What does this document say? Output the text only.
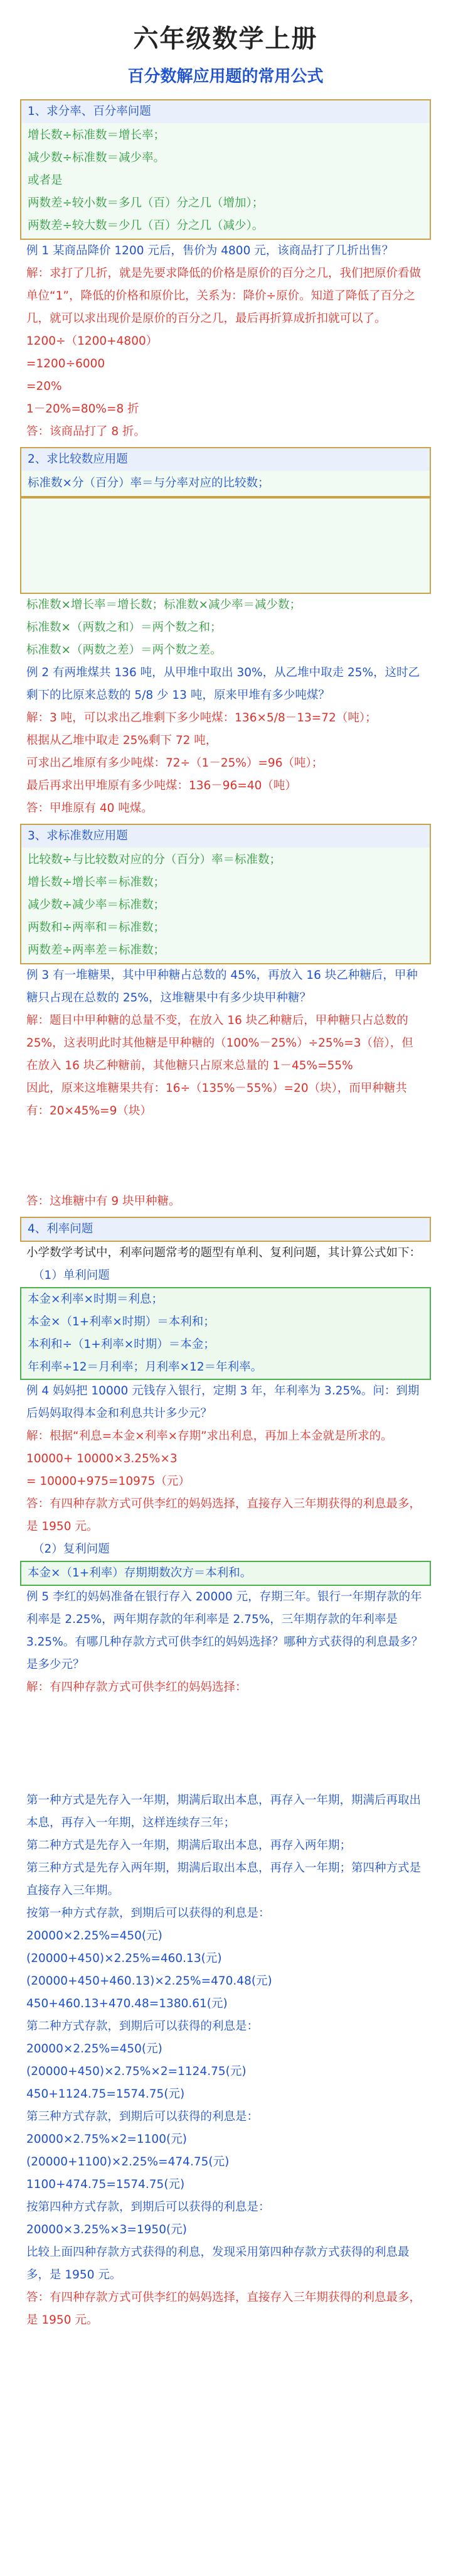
六年级数学上册
百分数解应用题的常用公式
1、求分率、百分率问题
增长数÷标准数＝增长率；
减少数÷标准数＝减少率。
或者是
两数差÷较小数＝多几（百）分之几（增加）；
两数差÷较大数＝少几（百）分之几（减少）。
例 1 某商品降价 1200 元后，售价为 4800 元，该商品打了几折出售？
解：求打了几折，就是先要求降低的价格是原价的百分之几，我们把原价看做单位“1”，降低的价格和原价比，关系为：降价÷原价。知道了降低了百分之几，就可以求出现价是原价的百分之几，最后再折算成折扣就可以了。
1200÷（1200+4800）
=1200÷6000
=20%
1－20%=80%=8 折
答：该商品打了 8 折。
2、求比较数应用题
标准数×分（百分）率＝与分率对应的比较数；
标准数×增长率＝增长数；标准数×减少率＝减少数；
标准数×（两数之和）＝两个数之和；
标准数×（两数之差）＝两个数之差。
例 2 有两堆煤共 136 吨，从甲堆中取出 30%，从乙堆中取走 25%，这时乙剩下的比原来总数的 5/8 少 13 吨，原来甲堆有多少吨煤？
解：3 吨，可以求出乙堆剩下多少吨煤：136×5/8－13=72（吨）；
根据从乙堆中取走 25%剩下 72 吨，
可求出乙堆原有多少吨煤：72÷（1－25%）=96（吨）；
最后再求出甲堆原有多少吨煤：136－96=40（吨）
答：甲堆原有 40 吨煤。
3、求标准数应用题
比较数÷与比较数对应的分（百分）率＝标准数；
增长数÷增长率＝标准数；
减少数÷减少率＝标准数；
两数和÷两率和＝标准数；
两数差÷两率差＝标准数；
例 3 有一堆糖果，其中甲种糖占总数的 45%，再放入 16 块乙种糖后，甲种糖只占现在总数的 25%，这堆糖果中有多少块甲种糖？
解：题目中甲种糖的总量不变，在放入 16 块乙种糖后，甲种糖只占总数的 25%，这表明此时其他糖是甲种糖的（100%－25%）÷25%=3（倍），但在放入 16 块乙种糖前，其他糖只占原来总量的 1－45%=55%
因此，原来这堆糖果共有：16÷（135%－55%）=20（块），而甲种糖共有：20×45%=9（块）
答：这堆糖中有 9 块甲种糖。
4、利率问题
小学数学考试中，利率问题常考的题型有单利、复利问题，其计算公式如下：
（1）单利问题
本金×利率×时期＝利息；
本金×（1+利率×时期）＝本利和；
本利和÷（1+利率×时期）＝本金；
年利率÷12＝月利率；月利率×12＝年利率。
例 4 妈妈把 10000 元钱存入银行，定期 3 年，年利率为 3.25%。问：到期后妈妈取得本金和利息共计多少元？
解：根据“利息=本金×利率×存期”求出利息，再加上本金就是所求的。
10000+ 10000×3.25%×3
= 10000+975=10975（元）
答：有四种存款方式可供李红的妈妈选择，直接存入三年期获得的利息最多，是 1950 元。
（2）复利问题
本金×（1+利率）存期期数次方＝本利和。
例 5 李红的妈妈准备在银行存入 20000 元，存期三年。银行一年期存款的年利率是 2.25%，两年期存款的年利率是 2.75%，三年期存款的年利率是 3.25%。有哪几种存款方式可供李红的妈妈选择？哪种方式获得的利息最多？是多少元？
解：有四种存款方式可供李红的妈妈选择：
第一种方式是先存入一年期，期满后取出本息，再存入一年期，期满后再取出本息，再存入一年期，这样连续存三年；
第二种方式是先存入一年期，期满后取出本息，再存入两年期；
第三种方式是先存入两年期，期满后取出本息，再存入一年期；第四种方式是直接存入三年期。
按第一种方式存款，到期后可以获得的利息是：
20000×2.25%=450(元)
(20000+450)×2.25%=460.13(元)
(20000+450+460.13)×2.25%=470.48(元)
450+460.13+470.48=1380.61(元)
第二种方式存款，到期后可以获得的利息是：
20000×2.25%=450(元)
(20000+450)×2.75%×2=1124.75(元)
450+1124.75=1574.75(元)
第三种方式存款，到期后可以获得的利息是：
20000×2.75%×2=1100(元)
(20000+1100)×2.25%=474.75(元)
1100+474.75=1574.75(元)
按第四种方式存款，到期后可以获得的利息是：
20000×3.25%×3=1950(元)
比较上面四种存款方式获得的利息，发现采用第四种存款方式获得的利息最多，是 1950 元。
答：有四种存款方式可供李红的妈妈选择，直接存入三年期获得的利息最多，是 1950 元。
